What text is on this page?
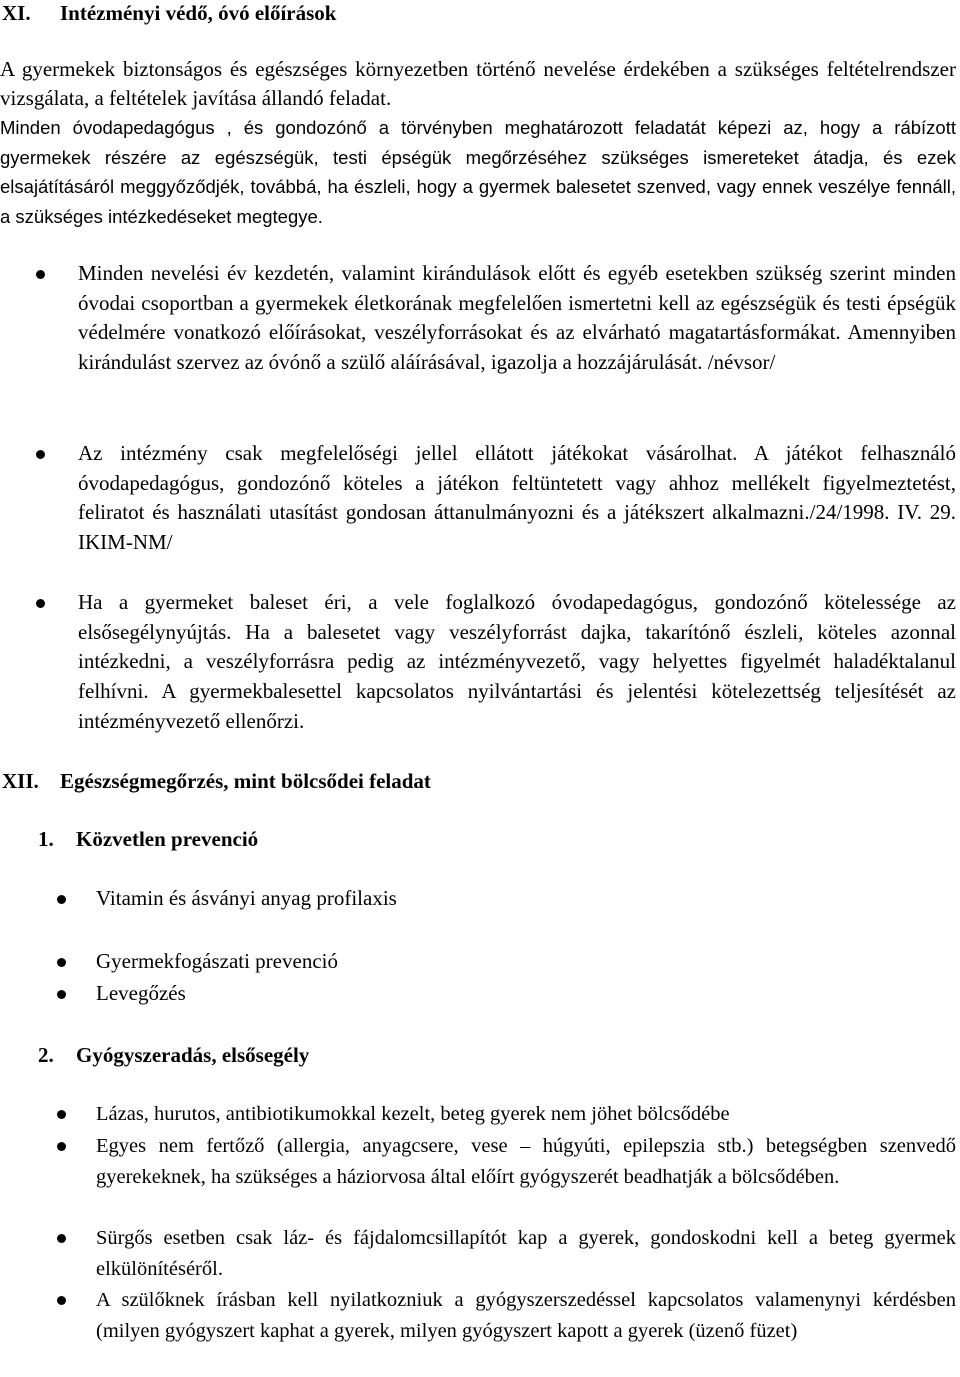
XI. Intézményi védő, óvó előírások

A gyermekek biztonságos és egészséges környezetben történő nevelése érdekében a szükséges feltételrendszer vizsgálata, a feltételek javítása állandó feladat.

Minden óvodapedagógus , és gondozónő a törvényben meghatározott feladatát képezi az, hogy a rábízott gyermekek részére az egészségük, testi épségük megőrzéséhez szükséges ismereteket átadja, és ezek elsajátításáról meggyőződjék, továbbá, ha észleli, hogy a gyermek balesetet szenved, vagy ennek veszélye fennáll, a szükséges intézkedéseket megtegye.

Minden nevelési év kezdetén, valamint kirándulások előtt és egyéb esetekben szükség szerint minden óvodai csoportban a gyermekek életkorának megfelelően ismertetni kell az egészségük és testi épségük védelmére vonatkozó előírásokat, veszélyforrásokat és az elvárható magatartásformákat. Amennyiben kirándulást szervez az óvónő a szülő aláírásával, igazolja a hozzájárulását. /névsor/

Az intézmény csak megfelelőségi jellel ellátott játékokat vásárolhat. A játékot felhasználó óvodapedagógus, gondozónő köteles a játékon feltüntetett vagy ahhoz mellékelt figyelmeztetést, feliratot és használati utasítást gondosan áttanulmányozni és a játékszert alkalmazni./24/1998. IV. 29. IKIM-NM/

Ha a gyermeket baleset éri, a vele foglalkozó óvodapedagógus, gondozónő kötelessége az elsősegélynyújtás. Ha a balesetet vagy veszélyforrást dajka, takarítónő észleli, köteles azonnal intézkedni, a veszélyforrásra pedig az intézményvezető, vagy helyettes figyelmét haladéktalanul felhívni. A gyermekbalesettel kapcsolatos nyilvántartási és jelentési kötelezettség teljesítését az intézményvezető ellenőrzi.

XII. Egészségmegőrzés, mint bölcsődei feladat
1. Közvetlen prevenció

Vitamin és ásványi anyag profilaxis

Gyermekfogászati prevenció

Levegőzés

2. Gyógyszeradás, elsősegély

Lázas, hurutos, antibiotikumokkal kezelt, beteg gyerek nem jöhet bölcsődébe

Egyes nem fertőző (allergia, anyagcsere, vese – húgyúti, epilepszia stb.) betegségben szenvedő gyerekeknek, ha szükséges a háziorvosa által előírt gyógyszerét beadhatják a bölcsődében.

Sürgős esetben csak láz- és fájdalomcsillapítót kap a gyerek, gondoskodni kell a beteg gyermek elkülönítéséről.

A szülőknek írásban kell nyilatkozniuk a gyógyszerszedéssel kapcsolatos valamenynyi kérdésben (milyen gyógyszert kaphat a gyerek, milyen gyógyszert kapott a gyerek (üzenő füzet)
